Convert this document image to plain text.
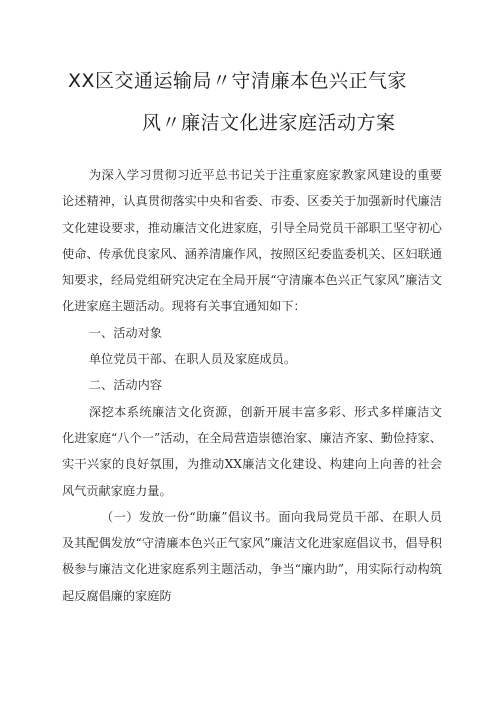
XX区交通运输局〃守清廉本色兴正气家
风〃廉洁文化进家庭活动方案

为深入学习贯彻习近平总书记关于注重家庭家教家风建设的重要论述精神，认真贯彻落实中央和省委、市委、区委关于加强新时代廉洁文化建设要求，推动廉洁文化进家庭，引导全局党员干部职工坚守初心使命、传承优良家风、涵养清廉作风，按照区纪委监委机关、区妇联通知要求，经局党组研究决定在全局开展“守清廉本色兴正气家风”廉洁文化进家庭主题活动。现将有关事宜通知如下：

一、活动对象

单位党员干部、在职人员及家庭成员。

二、活动内容

深挖本系统廉洁文化资源，创新开展丰富多彩、形式多样廉洁文化进家庭“八个一”活动，在全局营造崇德治家、廉洁齐家、勤俭持家、实干兴家的良好氛围，为推动XX廉洁文化建设、构建向上向善的社会风气贡献家庭力量。

（一）发放一份“助廉”倡议书。面向我局党员干部、在职人员及其配偶发放“守清廉本色兴正气家风”廉洁文化进家庭倡议书，倡导积极参与廉洁文化进家庭系列主题活动，争当“廉内助”，用实际行动构筑起反腐倡廉的家庭防
